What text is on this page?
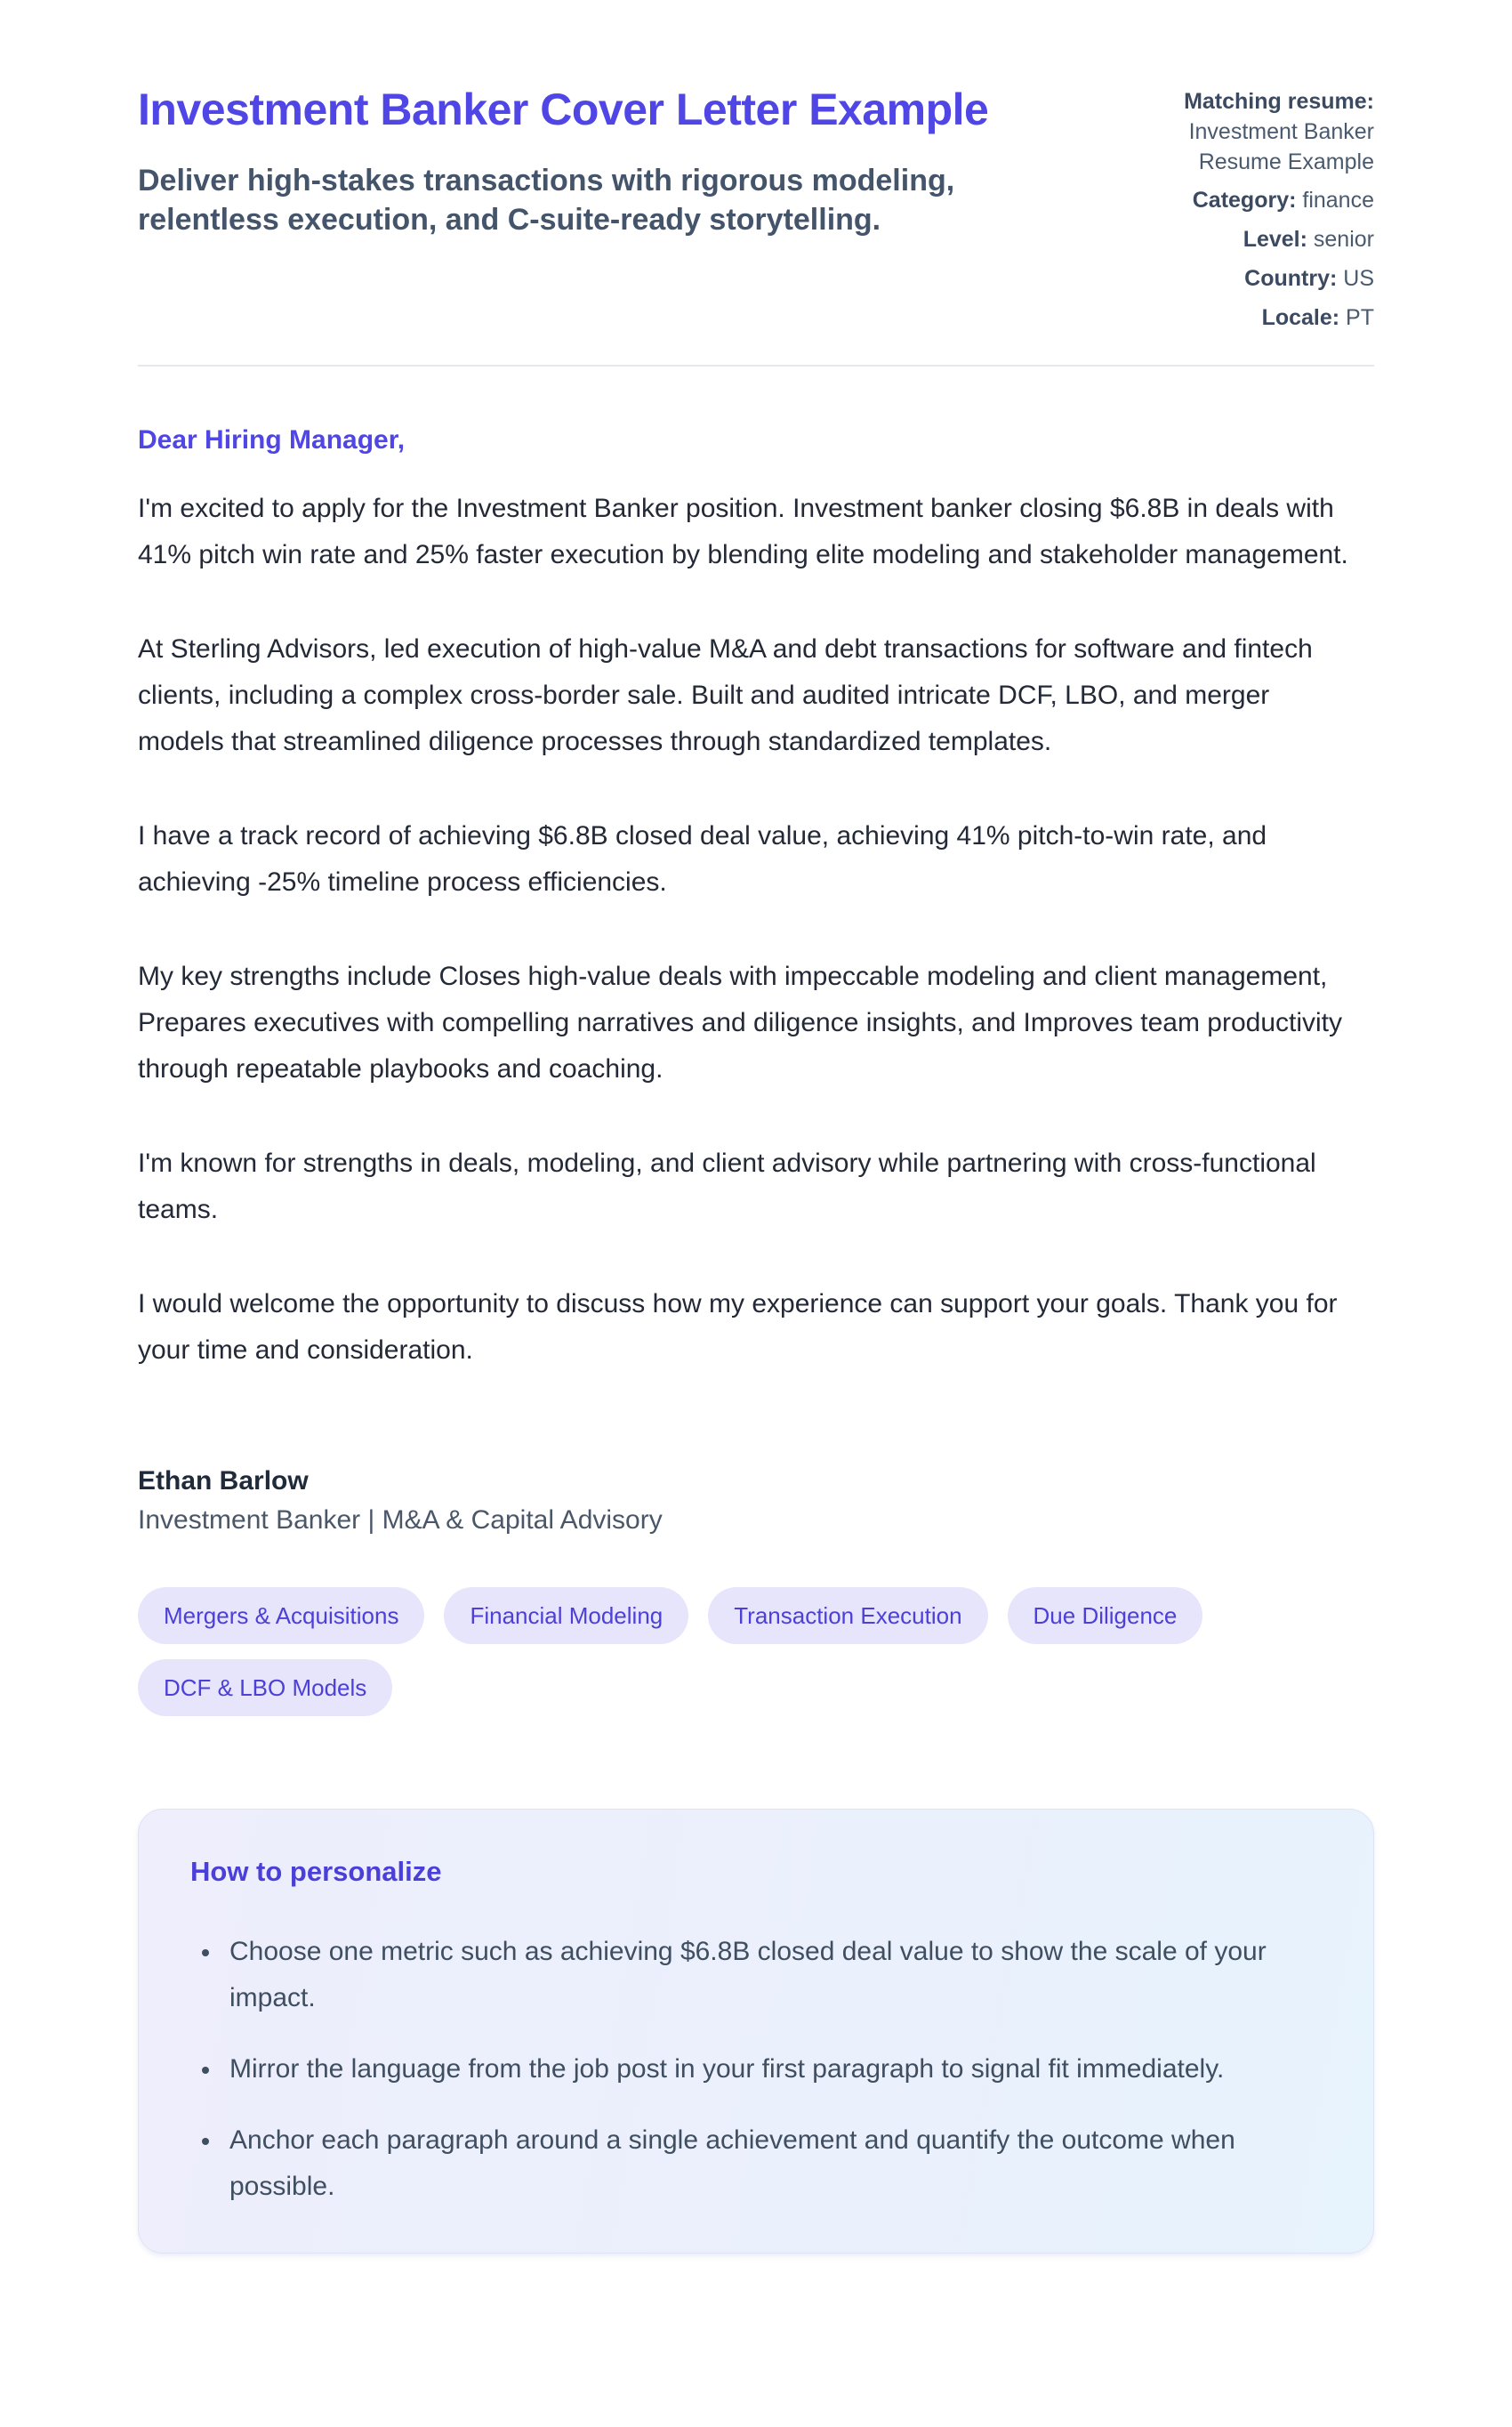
Investment Banker Cover Letter Example

Deliver high-stakes transactions with rigorous modeling, relentless execution, and C-suite-ready storytelling.

Matching resume:
Investment Banker Resume Example
Category: finance
Level: senior
Country: US
Locale: PT

Dear Hiring Manager,

I'm excited to apply for the Investment Banker position. Investment banker closing $6.8B in deals with 41% pitch win rate and 25% faster execution by blending elite modeling and stakeholder management.

At Sterling Advisors, led execution of high-value M&A and debt transactions for software and fintech clients, including a complex cross-border sale. Built and audited intricate DCF, LBO, and merger models that streamlined diligence processes through standardized templates.

I have a track record of achieving $6.8B closed deal value, achieving 41% pitch-to-win rate, and achieving -25% timeline process efficiencies.

My key strengths include Closes high-value deals with impeccable modeling and client management, Prepares executives with compelling narratives and diligence insights, and Improves team productivity through repeatable playbooks and coaching.

I'm known for strengths in deals, modeling, and client advisory while partnering with cross-functional teams.

I would welcome the opportunity to discuss how my experience can support your goals. Thank you for your time and consideration.

Ethan Barlow

Investment Banker | M&A & Capital Advisory

Mergers & Acquisitions	Financial Modeling	Transaction Execution	Due Diligence
DCF & LBO Models
How to personalize
• Choose one metric such as achieving $6.8B closed deal value to show the scale of your impact.
• Mirror the language from the job post in your first paragraph to signal fit immediately.
• Anchor each paragraph around a single achievement and quantify the outcome when possible.
